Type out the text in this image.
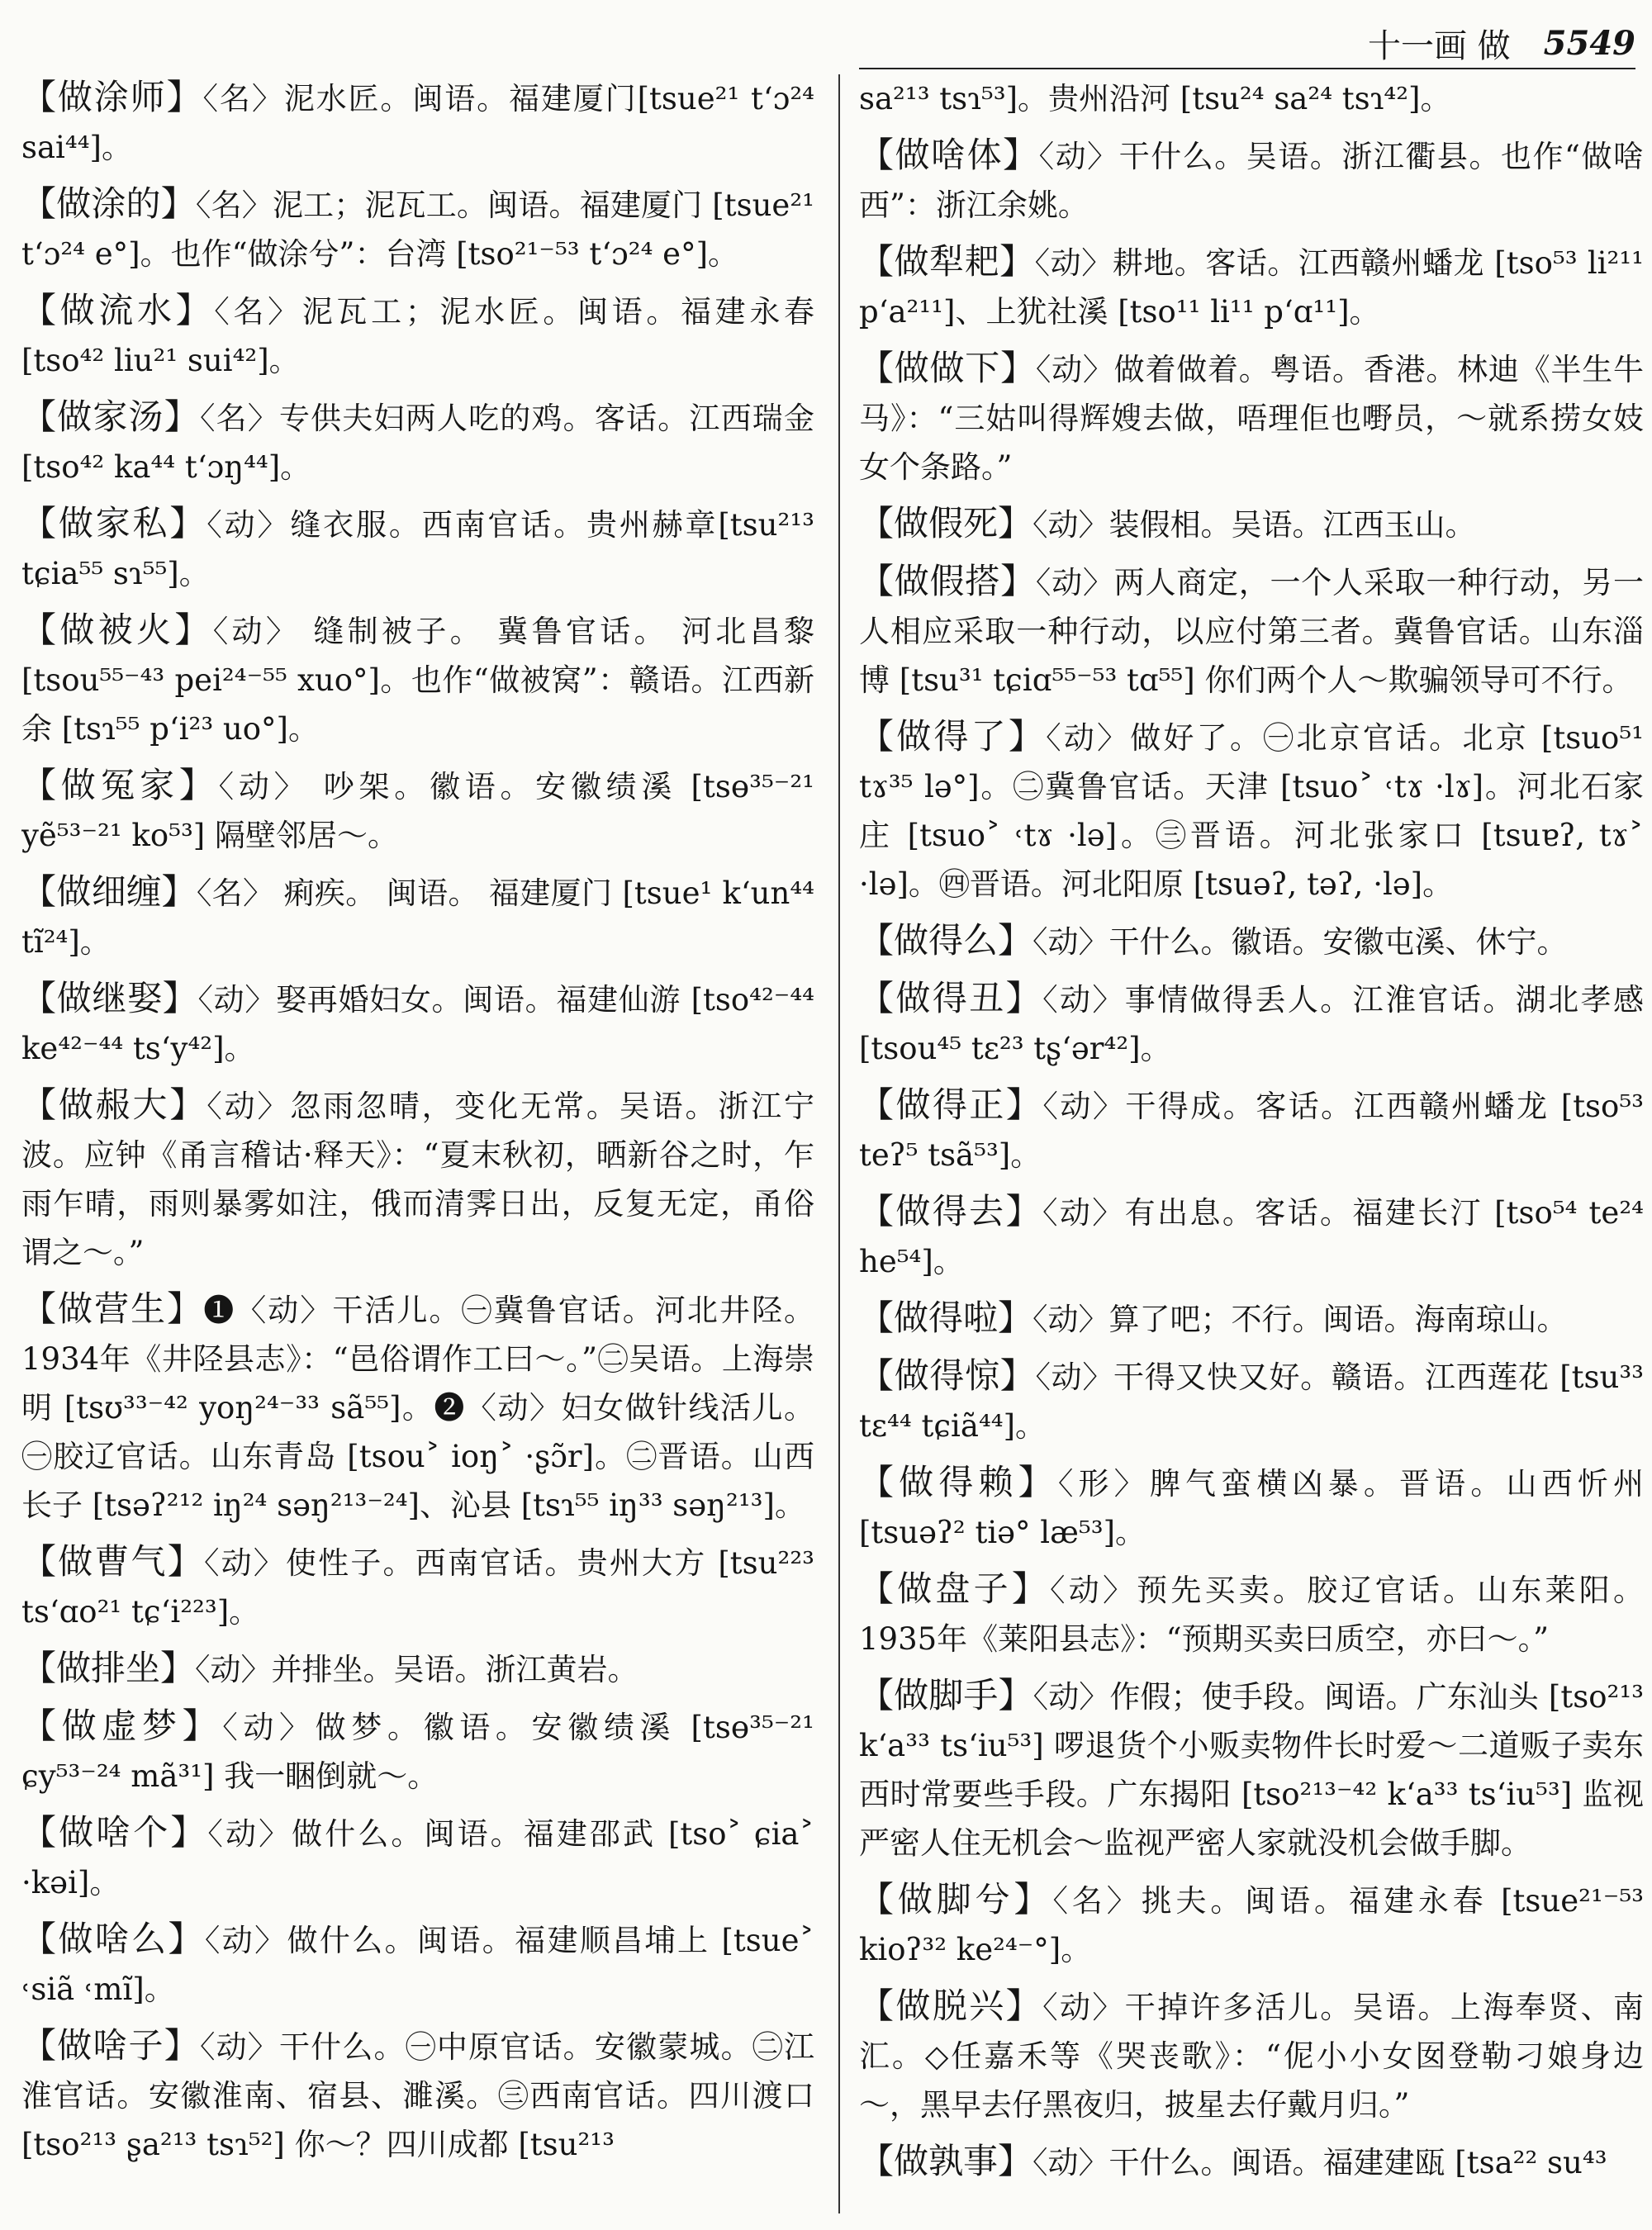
十一画 做 5549

【做涂师】〈名〉泥水匠。闽语。福建厦门[tsue²¹ tʻɔ²⁴ sai⁴⁴]。

【做涂的】〈名〉泥工；泥瓦工。闽语。福建厦门 [tsue²¹ tʻɔ²⁴ e°]。也作“做涂兮”：台湾 [tso²¹⁻⁵³ tʻɔ²⁴ e°]。

【做流水】〈名〉泥瓦工；泥水匠。闽语。福建永春 [tso⁴² liu²¹ sui⁴²]。

【做家汤】〈名〉专供夫妇两人吃的鸡。客话。江西瑞金 [tso⁴² ka⁴⁴ tʻɔŋ⁴⁴]。

【做家私】〈动〉缝衣服。西南官话。贵州赫章[tsu²¹³ tɕia⁵⁵ sɿ⁵⁵]。

【做被火】〈动〉 缝制被子。 冀鲁官话。 河北昌黎 [tsou⁵⁵⁻⁴³ pei²⁴⁻⁵⁵ xuo°]。也作“做被窝”：赣语。江西新余 [tsɿ⁵⁵ pʻi²³ uo°]。

【做冤家】〈动〉 吵架。徽语。安徽绩溪 [tsɵ³⁵⁻²¹ yẽ⁵³⁻²¹ ko⁵³] 隔壁邻居～。

【做细缠】〈名〉 痢疾。 闽语。 福建厦门 [tsue¹ kʻun⁴⁴ tĩ²⁴]。

【做继娶】〈动〉娶再婚妇女。闽语。福建仙游 [tso⁴²⁻⁴⁴ ke⁴²⁻⁴⁴ tsʻy⁴²]。

【做赧大】〈动〉忽雨忽晴，变化无常。吴语。浙江宁波。应钟《甬言稽诂·释天》：“夏末秋初，晒新谷之时，乍雨乍晴，雨则暴雾如注，俄而清霁日出，反复无定，甬俗谓之～。”

【做营生】❶〈动〉干活儿。㊀冀鲁官话。河北井陉。1934年《井陉县志》：“邑俗谓作工曰～。”㊁吴语。上海崇明 [tsʊ³³⁻⁴² yoŋ²⁴⁻³³ sã⁵⁵]。❷〈动〉妇女做针线活儿。㊀胶辽官话。山东青岛 [tsou˃ ioŋ˃ ·ʂɔ̃r]。㊁晋语。山西长子 [tsəʔ²¹² iŋ²⁴ səŋ²¹³⁻²⁴]、沁县 [tsɿ⁵⁵ iŋ³³ səŋ²¹³]。

【做曹气】〈动〉使性子。西南官话。贵州大方 [tsu²²³ tsʻɑo²¹ tɕʻi²²³]。

【做排坐】〈动〉并排坐。吴语。浙江黄岩。

【做虚梦】〈动〉做梦。徽语。安徽绩溪 [tsɵ³⁵⁻²¹ ɕy⁵³⁻²⁴ mã³¹] 我一睏倒就～。

【做啥个】〈动〉做什么。闽语。福建邵武 [tso˃ ɕia˃ ·kəi]。

【做啥么】〈动〉做什么。闽语。福建顺昌埔上 [tsue˃ ˓siã ˓mĩ]。

【做啥子】〈动〉干什么。㊀中原官话。安徽蒙城。㊁江淮官话。安徽淮南、宿县、濉溪。㊂西南官话。四川渡口 [tso²¹³ ʂa²¹³ tsɿ⁵²] 你～？四川成都 [tsu²¹³

sa²¹³ tsɿ⁵³]。贵州沿河 [tsu²⁴ sa²⁴ tsɿ⁴²]。

【做啥体】〈动〉干什么。吴语。浙江衢县。也作“做啥西”：浙江余姚。

【做犁耙】〈动〉耕地。客话。江西赣州蟠龙 [tso⁵³ li²¹¹ pʻa²¹¹]、上犹社溪 [tso¹¹ li¹¹ pʻɑ¹¹]。

【做做下】〈动〉做着做着。粤语。香港。林迪《半生牛马》：“三姑叫得辉嫂去做，唔理佢也嘢员，～就系捞女妓女个条路。”

【做假死】〈动〉装假相。吴语。江西玉山。

【做假搭】〈动〉两人商定，一个人采取一种行动，另一人相应采取一种行动，以应付第三者。冀鲁官话。山东淄博 [tsu³¹ tɕiɑ⁵⁵⁻⁵³ tɑ⁵⁵] 你们两个人～欺骗领导可不行。

【做得了】〈动〉做好了。㊀北京官话。北京 [tsuo⁵¹ tɤ³⁵ lə°]。㊁冀鲁官话。天津 [tsuo˃ ˓tɤ ·lɤ]。河北石家庄 [tsuo˃ ˓tɤ ·lə]。㊂晋语。河北张家口 [tsuɐʔ, tɤ˃ ·lə]。㊃晋语。河北阳原 [tsuəʔ, təʔ, ·lə]。

【做得么】〈动〉干什么。徽语。安徽屯溪、休宁。

【做得丑】〈动〉事情做得丢人。江淮官话。湖北孝感 [tsou⁴⁵ tɛ²³ tʂʻər⁴²]。

【做得正】〈动〉干得成。客话。江西赣州蟠龙 [tso⁵³ teʔ⁵ tsã⁵³]。

【做得去】〈动〉有出息。客话。福建长汀 [tso⁵⁴ te²⁴ he⁵⁴]。

【做得啦】〈动〉算了吧；不行。闽语。海南琼山。

【做得惊】〈动〉干得又快又好。赣语。江西莲花 [tsu³³ tɛ⁴⁴ tɕiã⁴⁴]。

【做得赖】〈形〉脾气蛮横凶暴。晋语。山西忻州 [tsuəʔ² tiə° læ⁵³]。

【做盘子】〈动〉预先买卖。胶辽官话。山东莱阳。1935年《莱阳县志》：“预期买卖曰质空，亦曰～。”

【做脚手】〈动〉作假；使手段。闽语。广东汕头 [tso²¹³ kʻa³³ tsʻiu⁵³] 啰退货个小贩卖物件长时爱～二道贩子卖东西时常要些手段。广东揭阳 [tso²¹³⁻⁴² kʻa³³ tsʻiu⁵³] 监视严密人住无机会～监视严密人家就没机会做手脚。

【做脚兮】〈名〉挑夫。闽语。福建永春 [tsue²¹⁻⁵³ kioʔ³² ke²⁴⁻°]。

【做脱兴】〈动〉干掉许多活儿。吴语。上海奉贤、南汇。◇任嘉禾等《哭丧歌》：“伲小小女囡登勒刁娘身边～，黑早去仔黑夜归，披星去仔戴月归。”

【做孰事】〈动〉干什么。闽语。福建建瓯 [tsa²² su⁴³
